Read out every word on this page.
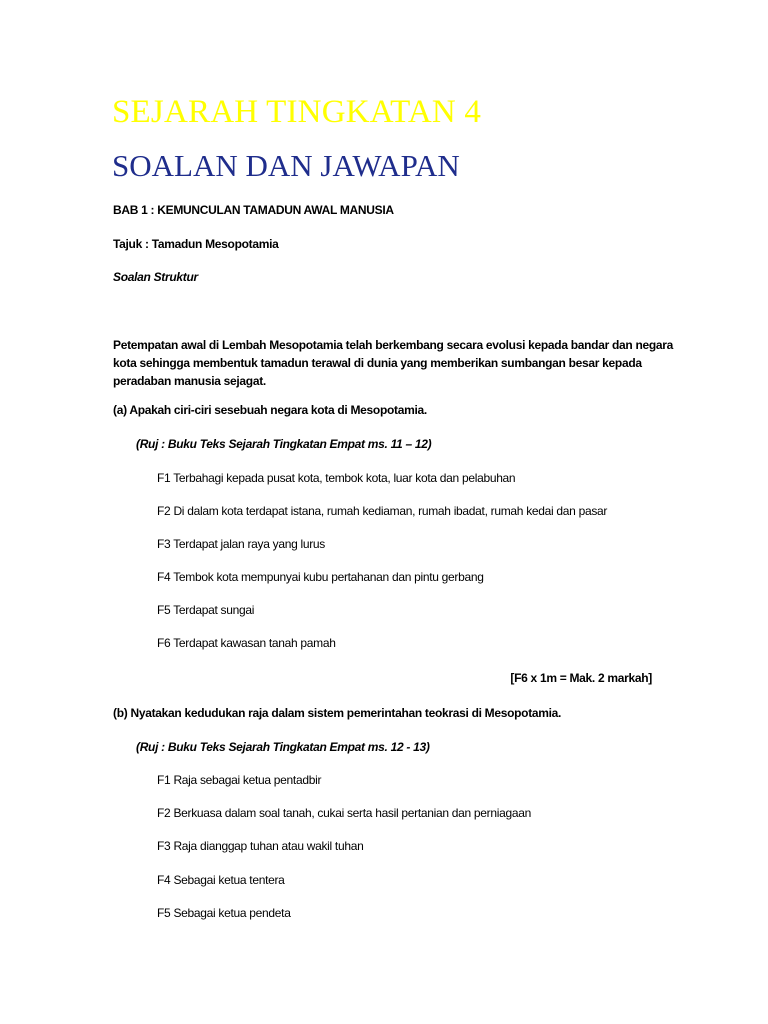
SEJARAH TINGKATAN 4
SOALAN DAN JAWAPAN
BAB 1 : KEMUNCULAN TAMADUN AWAL MANUSIA
Tajuk : Tamadun Mesopotamia
Soalan Struktur
Petempatan awal di Lembah Mesopotamia telah berkembang secara evolusi kepada bandar dan negara kota sehingga membentuk tamadun terawal di dunia yang memberikan sumbangan besar kepada peradaban manusia sejagat.
(a) Apakah ciri-ciri sesebuah negara kota di Mesopotamia.
(Ruj : Buku Teks Sejarah Tingkatan Empat ms. 11 – 12)
F1 Terbahagi kepada pusat kota, tembok kota, luar kota dan pelabuhan
F2 Di dalam kota terdapat istana, rumah kediaman, rumah ibadat, rumah kedai dan pasar
F3 Terdapat jalan raya yang lurus
F4 Tembok kota mempunyai kubu pertahanan dan pintu gerbang
F5 Terdapat sungai
F6 Terdapat kawasan tanah pamah
[F6 x 1m = Mak. 2 markah]
(b) Nyatakan kedudukan raja dalam sistem pemerintahan teokrasi di Mesopotamia.
(Ruj : Buku Teks Sejarah Tingkatan Empat ms. 12 - 13)
F1 Raja sebagai ketua pentadbir
F2 Berkuasa dalam soal tanah, cukai serta hasil pertanian dan perniagaan
F3 Raja dianggap tuhan atau wakil tuhan
F4 Sebagai ketua tentera
F5 Sebagai ketua pendeta
